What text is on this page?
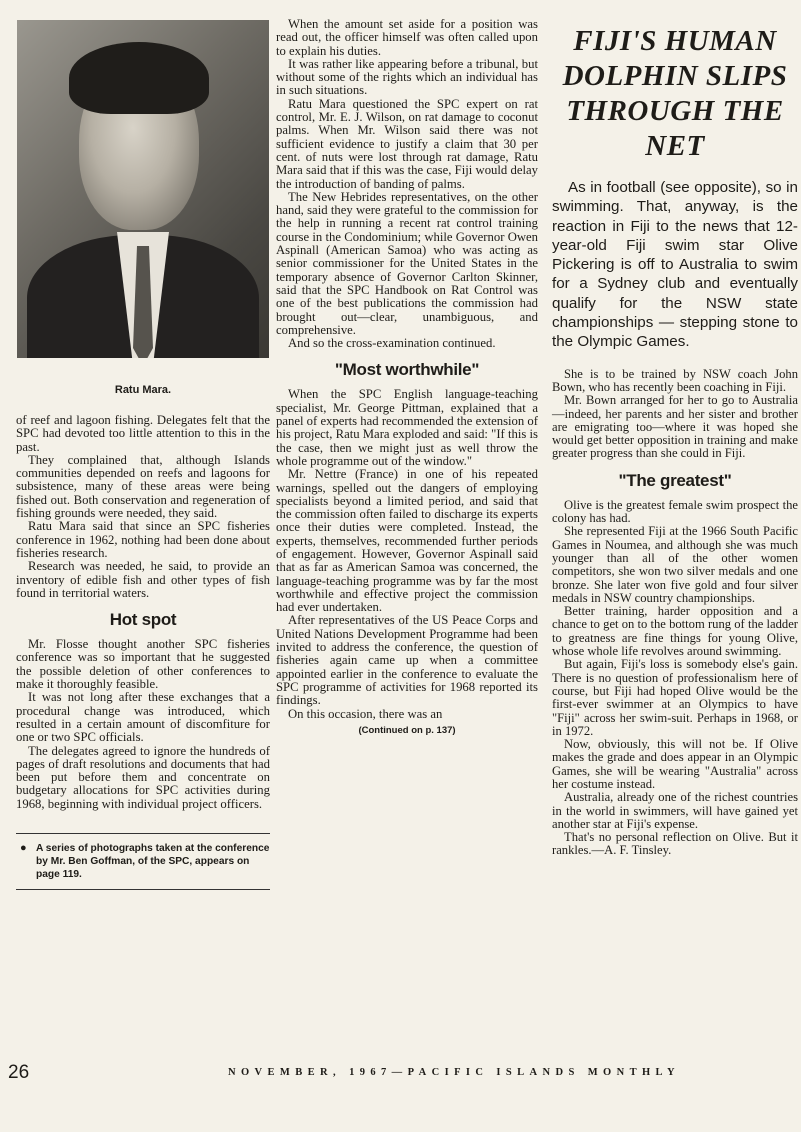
Ratu Mara.

of reef and lagoon fishing. Delegates felt that the SPC had devoted too little attention to this in the past.

They complained that, although Islands communities depended on reefs and lagoons for subsistence, many of these areas were being fished out. Both conservation and regeneration of fishing grounds were needed, they said.

Ratu Mara said that since an SPC fisheries conference in 1962, nothing had been done about fisheries research.

Research was needed, he said, to provide an inventory of edible fish and other types of fish found in territorial waters.

Hot spot

Mr. Flosse thought another SPC fisheries conference was so important that he suggested the possible deletion of other conferences to make it thoroughly feasible.

It was not long after these exchanges that a procedural change was introduced, which resulted in a certain amount of discomfiture for one or two SPC officials.

The delegates agreed to ignore the hundreds of pages of draft resolutions and documents that had been put before them and concentrate on budgetary allocations for SPC activities during 1968, beginning with individual project officers.

● A series of photographs taken at the conference by Mr. Ben Goffman, of the SPC, appears on page 119.

When the amount set aside for a position was read out, the officer himself was often called upon to explain his duties.

It was rather like appearing before a tribunal, but without some of the rights which an individual has in such situations.

Ratu Mara questioned the SPC expert on rat control, Mr. E. J. Wilson, on rat damage to coconut palms. When Mr. Wilson said there was not sufficient evidence to justify a claim that 30 per cent. of nuts were lost through rat damage, Ratu Mara said that if this was the case, Fiji would delay the introduction of banding of palms.

The New Hebrides representatives, on the other hand, said they were grateful to the commission for the help in running a recent rat control training course in the Condominium; while Governor Owen Aspinall (American Samoa) who was acting as senior commissioner for the United States in the temporary absence of Governor Carlton Skinner, said that the SPC Handbook on Rat Control was one of the best publications the commission had brought out—clear, unambiguous, and comprehensive.

And so the cross-examination continued.

"Most worthwhile"

When the SPC English language-teaching specialist, Mr. George Pittman, explained that a panel of experts had recommended the extension of his project, Ratu Mara exploded and said: "If this is the case, then we might just as well throw the whole programme out of the window."

Mr. Nettre (France) in one of his repeated warnings, spelled out the dangers of employing specialists beyond a limited period, and said that the commission often failed to discharge its experts once their duties were completed. Instead, the experts, themselves, recommended further periods of engagement. However, Governor Aspinall said that as far as American Samoa was concerned, the language-teaching programme was by far the most worthwhile and effective project the commission had ever undertaken.

After representatives of the US Peace Corps and United Nations Development Programme had been invited to address the conference, the question of fisheries again came up when a committee appointed earlier in the conference to evaluate the SPC programme of activities for 1968 reported its findings.

On this occasion, there was an

(Continued on p. 137)
FIJI'S HUMAN DOLPHIN SLIPS THROUGH THE NET
As in football (see opposite), so in swimming. That, anyway, is the reaction in Fiji to the news that 12-year-old Fiji swim star Olive Pickering is off to Australia to swim for a Sydney club and eventually qualify for the NSW state championships — stepping stone to the Olympic Games.

She is to be trained by NSW coach John Bown, who has recently been coaching in Fiji.

Mr. Bown arranged for her to go to Australia—indeed, her parents and her sister and brother are emigrating too—where it was hoped she would get better opposition in training and make greater progress than she could in Fiji.

"The greatest"

Olive is the greatest female swim prospect the colony has had.

She represented Fiji at the 1966 South Pacific Games in Noumea, and although she was much younger than all of the other women competitors, she won two silver medals and one bronze. She later won five gold and four silver medals in NSW country championships.

Better training, harder opposition and a chance to get on to the bottom rung of the ladder to greatness are fine things for young Olive, whose whole life revolves around swimming.

But again, Fiji's loss is somebody else's gain. There is no question of professionalism here of course, but Fiji had hoped Olive would be the first-ever swimmer at an Olympics to have "Fiji" across her swim-suit. Perhaps in 1968, or in 1972.

Now, obviously, this will not be. If Olive makes the grade and does appear in an Olympic Games, she will be wearing "Australia" across her costume instead.

Australia, already one of the richest countries in the world in swimmers, will have gained yet another star at Fiji's expense.

That's no personal reflection on Olive. But it rankles.—A. F. Tinsley.

26	NOVEMBER, 1967—PACIFIC ISLANDS MONTHLY
